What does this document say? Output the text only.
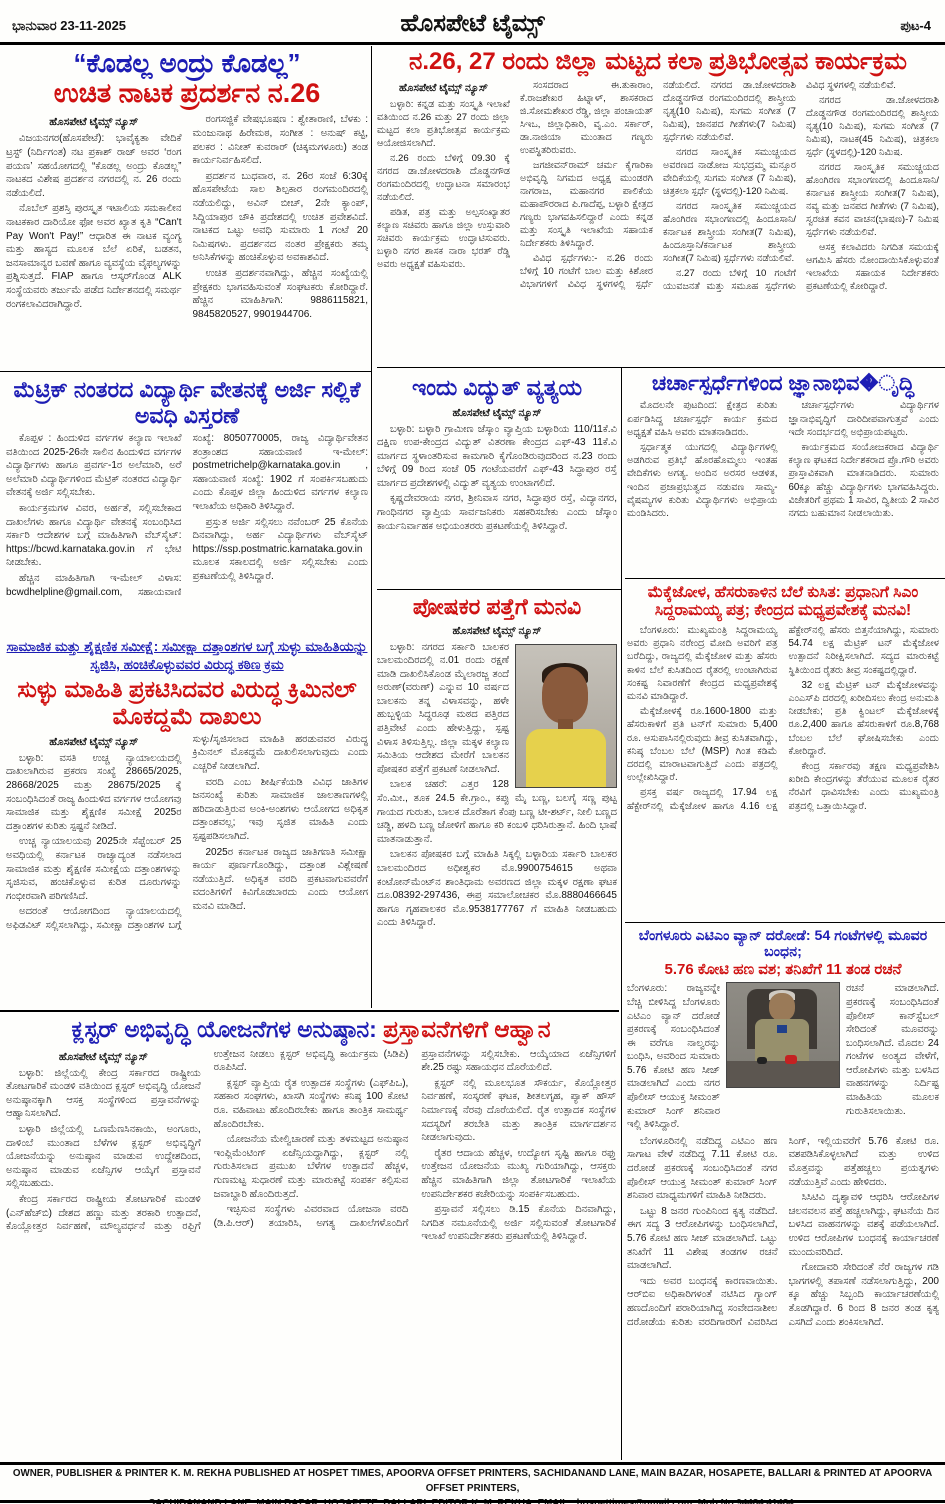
ಭಾನುವಾರ 23-11-2025	ಹೊಸಪೇಟೆ ಟೈಮ್ಸ್	ಪುಟ-4
“ಕೊಡಲ್ಲ ಅಂದ್ರು ಕೊಡಲ್ಲ”
ಉಚಿತ ನಾಟಕ ಪ್ರದರ್ಶನ ನ.26
ಹೊಸಪೇಟೆ ಟೈಮ್ಸ್ ನ್ಯೂಸ್

ವಿಜಯನಗರ(ಹೊಸಪೇಟೆ): ಭಾವೈಕ್ಯತಾ ವೇದಿಕೆ ಟ್ರಸ್ಟ್ (ನಿರ್ದಿಗಂತ) ನಟ ಪ್ರಕಾಶ್ ರಾಜ್ ಅವರ ‘ರಂಗ ಪಯಣ’ ಸಹಯೋಗದಲ್ಲಿ “ಕೊಡಲ್ಲ ಅಂದ್ರು ಕೊಡಲ್ಲ” ನಾಟಕದ ವಿಶೇಷ ಪ್ರದರ್ಶನ ನಗರದಲ್ಲಿ ನ. 26 ರಂದು ನಡೆಯಲಿದೆ.

ನೊಬೆಲ್ ಪ್ರಶಸ್ತಿ ಪುರಸ್ಕೃತ ಇಟಾಲಿಯ ಸಮಕಾಲೀನ ನಾಟಕಕಾರ ದಾರಿಯೋ ಫೋ ಅವರ ಖ್ಯಾತ ಕೃತಿ “Can't Pay Won't Pay!” ಆಧಾರಿತ ಈ ನಾಟಕ ವ್ಯಂಗ್ಯ ಮತ್ತು ಹಾಸ್ಯದ ಮೂಲಕ ಬೆಲೆ ಏರಿಕೆ, ಬಡತನ, ಜನಸಾಮಾನ್ಯರ ಬವಣೆ ಹಾಗೂ ವ್ಯವಸ್ಥೆಯ ವೈಫಲ್ಯಗಳನ್ನು ಪ್ರಶ್ನಿಸುತ್ತದೆ. FIAP ಹಾಗೂ ಆಸ್ಕರ್‌ಗೊಂಡ ALK ಸಂಸ್ಥೆಯವರು ತರ್ಜುಮೆ ಪಡೆದ ನಿರ್ದೇಶನದಲ್ಲಿ ಸಮರ್ಥ ರಂಗಕಲಾವಿದರಾಗಿದ್ದಾರೆ.

ರಂಗಸಜ್ಜಿಕೆ ವೇಷಭೂಷಣ : ಶ್ವೇತಾರಾಣಿ, ಬೆಳಕು : ಮಂಜುನಾಥ ಹಿರೇಮಠ, ಸಂಗೀತ : ಅನುಷ್ ಕಟ್ಟಿ, ಪಲಕರ : ವಿನೀತ್ ಕುವರಾರ್ (ಚಿಕ್ಕಮಗಳೂರು) ತಂಡ ಕಾರ್ಯನಿರ್ವಹಿಸಲಿದೆ.

ಪ್ರದರ್ಶನ ಬುಧವಾರ, ನ. 26ರ ಸಂಜೆ 6:30ಕ್ಕೆ ಹೊಸಪೇಟೆಯ ಸಾಲ ಶಿಲ್ಪಕಾರ ರಂಗಮಂದಿರದಲ್ಲಿ ನಡೆಯಲಿದ್ದು, ಅವಿನ್ ಬೀಚ್, 2ನೇ ಕ್ಯಾಂಪ್, ಸಿದ್ದಿಯಾಪುರ ಚೌಕಿ ಪ್ರದೇಶದಲ್ಲಿ ಉಚಿತ ಪ್ರವೇಶವಿದೆ. ನಾಟಕದ ಒಟ್ಟು ಅವಧಿ ಸುಮಾರು 1 ಗಂಟೆ 20 ನಿಮಿಷಗಳು. ಪ್ರದರ್ಶನದ ನಂತರ ಪ್ರೇಕ್ಷಕರು ತಮ್ಮ ಅನಿಸಿಕೆಗಳನ್ನು ಹಂಚಿಕೊಳ್ಳುವ ಅವಕಾಶವಿದೆ.

ಉಚಿತ ಪ್ರದರ್ಶನವಾಗಿದ್ದು, ಹೆಚ್ಚಿನ ಸಂಖ್ಯೆಯಲ್ಲಿ ಪ್ರೇಕ್ಷಕರು ಭಾಗವಹಿಸುವಂತೆ ಸಂಘಟಕರು ಕೋರಿದ್ದಾರೆ. ಹೆಚ್ಚಿನ ಮಾಹಿತಿಗಾಗಿ: 9886115821, 9845820527, 9901944706.

ನ.26, 27 ರಂದು ಜಿಲ್ಲಾ ಮಟ್ಟದ ಕಲಾ ಪ್ರತಿಭೋತ್ಸವ ಕಾರ್ಯಕ್ರಮ
ಹೊಸಪೇಟೆ ಟೈಮ್ಸ್ ನ್ಯೂಸ್

ಬಳ್ಳಾರಿ: ಕನ್ನಡ ಮತ್ತು ಸಂಸ್ಕೃತಿ ಇಲಾಖೆ ವತಿಯಿಂದ ನ.26 ಮತ್ತು 27 ರಂದು ಜಿಲ್ಲಾ ಮಟ್ಟದ ಕಲಾ ಪ್ರತಿಭೋತ್ಸವ ಕಾರ್ಯಕ್ರಮ ಆಯೋಜಿಸಲಾಗಿದೆ.

ನ.26 ರಂದು ಬೆಳಿಗ್ಗೆ 09.30 ಕ್ಕೆ ನಗರದ ಡಾ.ಜೋಳದರಾಶಿ ದೊಡ್ಡನಗೌಡ ರಂಗಮಂದಿರದಲ್ಲಿ ಉದ್ಘಾಟನಾ ಸಮಾರಂಭ ನಡೆಯಲಿದೆ.

ಪಡಿತ, ಪತ್ರ ಮತ್ತು ಅಲ್ಪಸಂಖ್ಯಾತರ ಕಲ್ಯಾಣ ಸಚಿವರು ಹಾಗೂ ಜಿಲ್ಲಾ ಉಸ್ತುವಾರಿ ಸಚಿವರು ಕಾರ್ಯಕ್ರಮ ಉದ್ಘಾಟಿಸುವರು. ಬಳ್ಳಾರಿ ನಗರ ಶಾಸಕ ನಾರಾ ಭರತ್ ರೆಡ್ಡಿ ಅವರು ಅಧ್ಯಕ್ಷತೆ ವಹಿಸುವರು.

ಸಂಸದರಾದ ಈ.ತುಕಾರಾಂ, ಕೆ.ರಾಜಶೇಖರ ಹಿಟ್ನಾಳ್, ಶಾಸಕರಾದ ಜಿ.ಸೋಮಶೇಖರ ರೆಡ್ಡಿ, ಜಿಲ್ಲಾ ಪಂಚಾಯತ್ ಸಿಇಒ, ಜಿಲ್ಲಾಧಿಕಾರಿ, ವೃ.ಎಂ. ಸರ್ಕಾರ್, ಡಾ.ನಾಜಿಯಾ ಮುಂತಾದ ಗಣ್ಯರು ಉಪಸ್ಥಿತರಿರುವರು.

ಜಗಜೀವನ್‌ರಾಮ್ ಚರ್ಮ ಕೈಗಾರಿಕಾ ಅಭಿವೃದ್ಧಿ ನಿಗಮದ ಅಧ್ಯಕ್ಷ ಮುಂಡರಗಿ ನಾಗರಾಜ, ಮಹಾನಗರ ಪಾಲಿಕೆಯ ಮಹಾಪೌರರಾದ ಪಿ.ಗಾದೆಪ್ಪ, ಬಳ್ಳಾರಿ ಕ್ಷೇತ್ರದ ಗಣ್ಯರು ಭಾಗವಹಿಸಲಿದ್ದಾರೆ ಎಂದು ಕನ್ನಡ ಮತ್ತು ಸಂಸ್ಕೃತಿ ಇಲಾಖೆಯ ಸಹಾಯಕ ನಿರ್ದೇಶಕರು ತಿಳಿಸಿದ್ದಾರೆ.

ವಿವಿಧ ಸ್ಪರ್ಧೆಗಳು:- ನ.26 ರಂದು ಬೆಳಿಗ್ಗೆ 10 ಗಂಟೆಗೆ ಬಾಲ ಮತ್ತು ಕಿಶೋರ ವಿಭಾಗಗಳಿಗೆ ವಿವಿಧ ಸ್ಥಳಗಳಲ್ಲಿ ಸ್ಪರ್ಧೆ ನಡೆಯಲಿದೆ. ನಗರದ ಡಾ.ಜೋಳದರಾಶಿ ದೊಡ್ಡನಗೌಡ ರಂಗಮಂದಿರದಲ್ಲಿ ಶಾಸ್ತ್ರೀಯ ನೃತ್ಯ(10 ನಿಮಿಷ), ಸುಗಮ ಸಂಗೀತ (7 ನಿಮಿಷ), ಜಾನಪದ ಗೀತೆಗಳು(7 ನಿಮಿಷ) ಸ್ಪರ್ಧೆಗಳು ನಡೆಯಲಿವೆ.

ನಗರದ ಸಾಂಸ್ಕೃತಿಕ ಸಮುಚ್ಚಯದ ಅವರಣದ ನಾಡೋಜ ಸುಭದ್ರಮ್ಮ ಮನ್ಸೂರ ವೇದಿಕೆಯಲ್ಲಿ ಸುಗಮ ಸಂಗೀತ (7 ನಿಮಿಷ), ಚಿತ್ರಕಲಾ ಸ್ಪರ್ಧೆ (ಸ್ಥಳದಲ್ಲಿ)-120 ನಿಮಿಷ.

ನಗರದ ಸಾಂಸ್ಕೃತಿಕ ಸಮುಚ್ಚಯದ ಹೊಂಗಿರಣ ಸಭಾಂಗಣದಲ್ಲಿ ಹಿಂದೂಸಾನಿ/ಕರ್ನಾಟಕ ಶಾಸ್ತ್ರೀಯ ಸಂಗೀತ(7 ನಿಮಿಷ), ಹಿಂದೂಸ್ತಾನಿ/ಕರ್ನಾಟಕ ಶಾಸ್ತ್ರೀಯ ಸಂಗೀತ(7 ನಿಮಿಷ) ಸ್ಪರ್ಧೆಗಳು ನಡೆಯಲಿವೆ.

ನ.27 ರಂದು ಬೆಳಿಗ್ಗೆ 10 ಗಂಟೆಗೆ ಯುವಜನತೆ ಮತ್ತು ಸಮೂಹ ಸ್ಪರ್ಧೆಗಳು ವಿವಿಧ ಸ್ಥಳಗಳಲ್ಲಿ ನಡೆಯಲಿವೆ.

ನಗರದ ಡಾ.ಜೋಳದರಾಶಿ ದೊಡ್ಡನಗೌಡ ರಂಗಮಂದಿರದಲ್ಲಿ ಶಾಸ್ತ್ರೀಯ ನೃತ್ಯ(10 ನಿಮಿಷ), ಸುಗಮ ಸಂಗೀತ (7 ನಿಮಿಷ), ನಾಟಕ(45 ನಿಮಿಷ), ಚಿತ್ರಕಲಾ ಸ್ಪರ್ಧೆ (ಸ್ಥಳದಲ್ಲಿ)-120 ನಿಮಿಷ.

ನಗರದ ಸಾಂಸ್ಕೃತಿಕ ಸಮುಚ್ಚಯದ ಹೊಂಗಿರಣ ಸಭಾಂಗಣದಲ್ಲಿ ಹಿಂದೂಸಾನಿ/ಕರ್ನಾಟಕ ಶಾಸ್ತ್ರೀಯ ಸಂಗೀತ(7 ನಿಮಿಷ), ನವ್ಯ ಮತ್ತು ಜನಪದ ಗೀತೆಗಳು (7 ನಿಮಿಷ), ಸ್ವರಚಿತ ಕವನ ವಾಚನ(ಭಾಷಣ)-7 ನಿಮಿಷ ಸ್ಪರ್ಧೆಗಳು ನಡೆಯಲಿವೆ.

ಆಸಕ್ತ ಕಲಾವಿದರು ನಿಗದಿತ ಸಮಯಕ್ಕೆ ಆಗಮಿಸಿ ಹೆಸರು ನೋಂದಾಯಿಸಿಕೊಳ್ಳುವಂತೆ ಇಲಾಖೆಯ ಸಹಾಯಕ ನಿರ್ದೇಶಕರು ಪ್ರಕಟಣೆಯಲ್ಲಿ ಕೋರಿದ್ದಾರೆ.

ಮೆಟ್ರಿಕ್ ನಂತರದ ವಿದ್ಯಾರ್ಥಿ ವೇತನಕ್ಕೆ ಅರ್ಜಿ ಸಲ್ಲಿಕೆ ಅವಧಿ ವಿಸ್ತರಣೆ

ಕೊಪ್ಪಳ : ಹಿಂದುಳಿದ ವರ್ಗಗಳ ಕಲ್ಯಾಣ ಇಲಾಖೆ ವತಿಯಿಂದ 2025-26ನೇ ಸಾಲಿನ ಹಿಂದುಳಿದ ವರ್ಗಗಳ ವಿದ್ಯಾರ್ಥಿಗಳು ಹಾಗೂ ಪ್ರವರ್ಗ-1ರ ಅಲೆಮಾರಿ, ಅರೆ ಅಲೆಮಾರಿ ವಿದ್ಯಾರ್ಥಿಗಳಿಂದ ಮೆಟ್ರಿಕ್ ನಂತರದ ವಿದ್ಯಾರ್ಥಿ ವೇತನಕ್ಕೆ ಅರ್ಜಿ ಸಲ್ಲಿಸಬೇಕು.

ಕಾರ್ಯಕ್ರಮಗಳ ವಿವರ, ಅರ್ಹತೆ, ಸಲ್ಲಿಸಬೇಕಾದ ದಾಖಲೆಗಳು ಹಾಗೂ ವಿದ್ಯಾರ್ಥಿ ವೇತನಕ್ಕೆ ಸಂಬಂಧಿಸಿದ ಸರ್ಕಾರಿ ಆದೇಶಗಳ ಬಗ್ಗೆ ಮಾಹಿತಿಗಾಗಿ ವೆಬ್‌ಸೈಟ್: https://bcwd.karnataka.gov.in ಗೆ ಭೇಟಿ ನೀಡಬೇಕು.

ಹೆಚ್ಚಿನ ಮಾಹಿತಿಗಾಗಿ ಇ-ಮೇಲ್ ವಿಳಾಸ: bcwdhelpline@gmail.com, ಸಹಾಯವಾಣಿ ಸಂಖ್ಯೆ: 8050770005, ರಾಜ್ಯ ವಿದ್ಯಾರ್ಥಿವೇತನ ತಂತ್ರಾಂಶದ ಸಹಾಯವಾಣಿ ಇ-ಮೇಲ್: postmetrichelp@karnataka.gov.in , ಸಹಾಯವಾಣಿ ಸಂಖ್ಯೆ: 1902 ಗೆ ಸಂಪರ್ಕಿಸಬಹುದು ಎಂದು ಕೊಪ್ಪಳ ಜಿಲ್ಲಾ ಹಿಂದುಳಿದ ವರ್ಗಗಳ ಕಲ್ಯಾಣ ಇಲಾಖೆಯ ಅಧಿಕಾರಿ ತಿಳಿಸಿದ್ದಾರೆ.

ಪ್ರಸ್ತುತ ಅರ್ಜಿ ಸಲ್ಲಿಸಲು ನವೆಂಬರ್ 25 ಕೊನೆಯ ದಿನವಾಗಿದ್ದು, ಅರ್ಹ ವಿದ್ಯಾರ್ಥಿಗಳು ವೆಬ್‌ಸೈಟ್ https://ssp.postmatric.karnataka.gov.in ಮೂಲಕ ಸಕಾಲದಲ್ಲಿ ಅರ್ಜಿ ಸಲ್ಲಿಸಬೇಕು ಎಂದು ಪ್ರಕಟಣೆಯಲ್ಲಿ ತಿಳಿಸಿದ್ದಾರೆ.

ಸಾಮಾಜಿಕ ಮತ್ತು ಶೈಕ್ಷಣಿಕ ಸಮೀಕ್ಷೆ: ಸಮೀಕ್ಷಾ ದತ್ತಾಂಶಗಳ ಬಗ್ಗೆ ಸುಳ್ಳು ಮಾಹಿತಿಯನ್ನು ಸೃಜಿಸಿ, ಹಂಚಿಕೊಳ್ಳುವವರ ವಿರುದ್ಧ ಕಠಿಣ ಕ್ರಮ

ಸುಳ್ಳು ಮಾಹಿತಿ ಪ್ರಕಟಿಸಿದವರ ವಿರುದ್ಧ ಕ್ರಿಮಿನಲ್ ಮೊಕದ್ದಮೆ ದಾಖಲು
ಹೊಸಪೇಟೆ ಟೈಮ್ಸ್ ನ್ಯೂಸ್

ಬಳ್ಳಾರಿ: ವಸತಿ ಉಚ್ಚ ನ್ಯಾಯಾಲಯದಲ್ಲಿ ದಾಖಲಾಗಿರುವ ಪ್ರಕರಣ ಸಂಖ್ಯೆ 28665/2025, 28668/2025 ಮತ್ತು 28675/2025 ಕ್ಕೆ ಸಂಬಂಧಿಸಿದಂತೆ ರಾಜ್ಯ ಹಿಂದುಳಿದ ವರ್ಗಗಳ ಆಯೋಗವು ಸಾಮಾಜಿಕ ಮತ್ತು ಶೈಕ್ಷಣಿಕ ಸಮೀಕ್ಷೆ 2025ರ ದತ್ತಾಂಶಗಳ ಕುರಿತು ಸ್ಪಷ್ಟನೆ ನೀಡಿದೆ.

ಉಚ್ಚ ನ್ಯಾಯಾಲಯವು 2025ನೇ ಸೆಪ್ಟೆಂಬರ್ 25 ಅವಧಿಯಲ್ಲಿ ಕರ್ನಾಟಕ ರಾಜ್ಯಾದ್ಯಂತ ನಡೆಸಲಾದ ಸಾಮಾಜಿಕ ಮತ್ತು ಶೈಕ್ಷಣಿಕ ಸಮೀಕ್ಷೆಯ ದತ್ತಾಂಶಗಳನ್ನು ಸೃಜಿಸುವ, ಹಂಚಿಕೊಳ್ಳುವ ಕುರಿತ ದೂರುಗಳನ್ನು ಗಂಭೀರವಾಗಿ ಪರಿಗಣಿಸಿದೆ.

ಅದರಂತೆ ಆಯೋಗದಿಂದ ನ್ಯಾಯಾಲಯದಲ್ಲಿ ಅಫಿಡವಿಟ್ ಸಲ್ಲಿಸಲಾಗಿದ್ದು, ಸಮೀಕ್ಷಾ ದತ್ತಾಂಶಗಳ ಬಗ್ಗೆ ಸುಳ್ಳು/ಸೃಜಿಸಲಾದ ಮಾಹಿತಿ ಹರಡುವವರ ವಿರುದ್ಧ ಕ್ರಿಮಿನಲ್ ಮೊಕದ್ದಮೆ ದಾಖಲಿಸಲಾಗುವುದು ಎಂದು ಎಚ್ಚರಿಕೆ ನೀಡಲಾಗಿದೆ.

ವರದಿ ಎಂಬ ಶೀರ್ಷಿಕೆಯಡಿ ವಿವಿಧ ಜಾತಿಗಳ ಜನಸಂಖ್ಯೆ ಕುರಿತು ಸಾಮಾಜಿಕ ಜಾಲತಾಣಗಳಲ್ಲಿ ಹರಿದಾಡುತ್ತಿರುವ ಅಂಕಿ-ಅಂಶಗಳು ಆಯೋಗದ ಅಧಿಕೃತ ದತ್ತಾಂಶವಲ್ಲ; ಇವು ಸೃಜಿತ ಮಾಹಿತಿ ಎಂದು ಸ್ಪಷ್ಟಪಡಿಸಲಾಗಿದೆ.

2025ರ ಕರ್ನಾಟಕ ರಾಜ್ಯದ ಜಾತಿಗಣತಿ ಸಮೀಕ್ಷಾ ಕಾರ್ಯ ಪೂರ್ಣಗೊಂಡಿದ್ದು, ದತ್ತಾಂಶ ವಿಶ್ಲೇಷಣೆ ನಡೆಯುತ್ತಿದೆ. ಅಧಿಕೃತ ವರದಿ ಪ್ರಕಟವಾಗುವವರೆಗೆ ವದಂತಿಗಳಿಗೆ ಕಿವಿಗೊಡಬಾರದು ಎಂದು ಆಯೋಗ ಮನವಿ ಮಾಡಿದೆ.

ಇಂದು ವಿದ್ಯುತ್ ವ್ಯತ್ಯಯ
ಹೊಸಪೇಟೆ ಟೈಮ್ಸ್ ನ್ಯೂಸ್

ಬಳ್ಳಾರಿ: ಬಳ್ಳಾರಿ ಗ್ರಾಮೀಣ ಜೆಸ್ಕಾಂ ವ್ಯಾಪ್ತಿಯ ಬಳ್ಳಾರಿಯ 110/11ಕೆ.ವಿ ದಕ್ಷಿಣ ಉಪ-ಕೇಂದ್ರದ ವಿದ್ಯುತ್ ವಿತರಣಾ ಕೇಂದ್ರದ ಎಫ್-43 11ಕೆ.ವಿ ಮಾರ್ಗದ ಸ್ಥಳಾಂತರಿಸುವ ಕಾಮಗಾರಿ ಕೈಗೊಂಡಿರುವುದರಿಂದ ನ.23 ರಂದು ಬೆಳಿಗ್ಗೆ 09 ರಿಂದ ಸಂಜೆ 05 ಗಂಟೆಯವರೆಗೆ ಎಫ್-43 ಸಿದ್ಧಾಪುರ ರಸ್ತೆ ಮಾರ್ಗದ ಪ್ರದೇಶಗಳಲ್ಲಿ ವಿದ್ಯುತ್ ವ್ಯತ್ಯಯ ಉಂಟಾಗಲಿದೆ.

ಕೃಷ್ಣದೇವರಾಯ ನಗರ, ಶ್ರೀನಿವಾಸ ನಗರ, ಸಿದ್ಧಾಪುರ ರಸ್ತೆ, ವಿದ್ಯಾನಗರ, ಗಾಂಧಿನಗರ ವ್ಯಾಪ್ತಿಯ ಸಾರ್ವಜನಿಕರು ಸಹಕರಿಸಬೇಕು ಎಂದು ಜೆಸ್ಕಾಂ ಕಾರ್ಯನಿರ್ವಾಹಕ ಅಭಿಯಂತರರು ಪ್ರಕಟಣೆಯಲ್ಲಿ ತಿಳಿಸಿದ್ದಾರೆ.

ಪೋಷಕರ ಪತ್ತೆಗೆ ಮನವಿ
ಹೊಸಪೇಟೆ ಟೈಮ್ಸ್ ನ್ಯೂಸ್

ಬಳ್ಳಾರಿ: ನಗರದ ಸರ್ಕಾರಿ ಬಾಲಕರ ಬಾಲಮಂದಿರದಲ್ಲಿ ನ.01 ರಂದು ರಕ್ಷಣೆ ಮಾಡಿ ದಾಖಲಿಸಿಕೊಂಡ ಮೈಲಾರಜ್ಜ ತಂದೆ ಅರುಣ್(ವರುಣ್) ಎನ್ನುವ 10 ವರ್ಷದ ಬಾಲಕನು ತನ್ನ ವಿಳಾಸವನ್ನು, ಹಳೇ ಹುಬ್ಬಳ್ಳಿಯ ಸಿದ್ಧರೂಢ ಮಠದ ಪತ್ತಿರದ ಪತ್ತಿವೇಟೆ ಎಂದು ಹೇಳುತ್ತಿದ್ದು, ಸ್ಪಷ್ಟ ವಿಳಾಸ ತಿಳಿಸುತ್ತಿಲ್ಲ. ಜಿಲ್ಲಾ ಮಕ್ಕಳ ಕಲ್ಯಾಣ ಸಮಿತಿಯ ಆದೇಶದ ಮೇರೆಗೆ ಬಾಲಕನ ಪೋಷಕರ ಪತ್ತೆಗೆ ಪ್ರಕಟಣೆ ನೀಡಲಾಗಿದೆ.

ಬಾಲಕ ಚಹರೆ: ಎತ್ತರ 128 ಸೆಂ.ಮೀ., ತೂಕ 24.5 ಕೇ.ಗ್ರಾಂ., ಕಪ್ಪು ಮೈ ಬಣ್ಣ, ಬಲಗೈ ಸಣ್ಣ ಪುಟ್ಟ ಗಾಯದ ಗುರುತು, ಬಾಲಕ ದೊರೆತಾಗ ಕೆಂಪು ಬಣ್ಣ ಟೀ-ಶರ್ಟ್, ನೀಲಿ ಬಣ್ಣದ ಚಡ್ಡಿ, ಹಳದಿ ಬಣ್ಣ ಜೋಳಿಗೆ ಹಾಗೂ ಕರಿ ಕಂಬಳಿ ಧರಿಸಿರುತ್ತಾನೆ. ಹಿಂದಿ ಭಾಷೆ ಮಾತನಾಡುತ್ತಾನೆ.

ಬಾಲಕನ ಪೋಷಕರ ಬಗ್ಗೆ ಮಾಹಿತಿ ಸಿಕ್ಕಲ್ಲಿ ಬಳ್ಳಾರಿಯ ಸರ್ಕಾರಿ ಬಾಲಕರ ಬಾಲಮಂದಿರದ ಅಧೀಶ್ವಕರ ಮೊ.9900754615 ಅಥವಾ ಕಂಟೋನ್‌ಮೆಂಟ್‌ನ ಶಾಂತಿಧಾಮ ಅವರಣದ ಜಿಲ್ಲಾ ಮಕ್ಕಳ ರಕ್ಷಣಾ ಘಟಕ ದೂ.08392-297436, ಈಪ್ರ ಸಮಾಲೋಚಕರ ಮೊ.8880466645 ಹಾಗೂ ಗೃಹಪಾಲಕರ ಮೊ.9538177767 ಗೆ ಮಾಹಿತಿ ನೀಡಬಹುದು ಎಂದು ತಿಳಿಸಿದ್ದಾರೆ.

ಚರ್ಚಾಸ್ಪರ್ಧೆಗಳಿಂದ ಜ್ಞಾನಾಭಿವ�ೃದ್ಧಿ

ಮೊದಲನೇ ಪುಟದಿಂದ: ಕ್ಷೇತ್ರದ ಕುರಿತು ಏರ್ಪಡಿಸಿದ್ದ ಚರ್ಚಾಸ್ಪರ್ಧೆ ಕಾರ್ಯ ಕ್ರಮದ ಅಧ್ಯಕ್ಷತೆ ವಹಿಸಿ ಅವರು ಮಾತನಾಡಿದರು.

ಸ್ಪರ್ಧಾತ್ಮಕ ಯುಗದಲ್ಲಿ ವಿದ್ಯಾರ್ಥಿಗಳಲ್ಲಿ ಅಡಗಿರುವ ಪ್ರತಿಭೆ ಹೊರಹೊಮ್ಮಲು ಇಂತಹ ವೇದಿಕೆಗಳು ಅಗತ್ಯ. ಅಂದಿನ ಅರಸರ ಆಡಳಿತ, ಇಂದಿನ ಪ್ರಜಾಪ್ರಭುತ್ವದ ನಡುವಣ ಸಾಮ್ಯ-ವೈಷಮ್ಯಗಳ ಕುರಿತು ವಿದ್ಯಾರ್ಥಿಗಳು ಅಭಿಪ್ರಾಯ ಮಂಡಿಸಿದರು.

ಚರ್ಚಾಸ್ಪರ್ಧೆಗಳು ವಿದ್ಯಾರ್ಥಿಗಳ ಜ್ಞಾನಾಭಿವೃದ್ಧಿಗೆ ದಾರಿದೀಪವಾಗುತ್ತವೆ ಎಂದು ಇದೇ ಸಂದರ್ಭದಲ್ಲಿ ಅಭಿಪ್ರಾಯಪಟ್ಟರು.

ಕಾರ್ಯಕ್ರಮದ ಸಂಯೋಜಕರಾದ ವಿದ್ಯಾರ್ಥಿ ಕಲ್ಯಾಣ ಘಟಕದ ನಿರ್ದೇಶಕರಾದ ಪ್ರೊ.ಗೌರಿ ಅವರು ಪ್ರಾಸ್ತಾವಿಕವಾಗಿ ಮಾತನಾಡಿದರು. ಸುಮಾರು 60ಕ್ಕೂ ಹೆಚ್ಚು ವಿದ್ಯಾರ್ಥಿಗಳು ಭಾಗವಹಿಸಿದ್ದರು. ವಿಜೇತರಿಗೆ ಪ್ರಥಮ 1 ಸಾವಿರ, ದ್ವಿತೀಯ 2 ಸಾವಿರ ನಗದು ಬಹುಮಾನ ನೀಡಲಾಯಿತು.

ಮೆಕ್ಕೆಜೋಳ, ಹೆಸರುಕಾಳಿನ ಬೆಲೆ ಕುಸಿತ: ಪ್ರಧಾನಿಗೆ ಸಿಎಂ
ಸಿದ್ದರಾಮಯ್ಯ ಪತ್ರ; ಕೇಂದ್ರದ ಮಧ್ಯಪ್ರವೇಶಕ್ಕೆ ಮನವಿ!

ಬೆಂಗಳೂರು: ಮುಖ್ಯಮಂತ್ರಿ ಸಿದ್ದರಾಮಯ್ಯ ಅವರು ಪ್ರಧಾನಿ ನರೇಂದ್ರ ಮೋದಿ ಅವರಿಗೆ ಪತ್ರ ಬರೆದಿದ್ದು, ರಾಜ್ಯದಲ್ಲಿ ಮೆಕ್ಕೆಜೋಳ ಮತ್ತು ಹೆಸರು ಕಾಳಿನ ಬೆಲೆ ಕುಸಿತದಿಂದ ರೈತರಲ್ಲಿ ಉಂಟಾಗಿರುವ ಸಂಕಷ್ಟ ನಿವಾರಣೆಗೆ ಕೇಂದ್ರದ ಮಧ್ಯಪ್ರವೇಶಕ್ಕೆ ಮನವಿ ಮಾಡಿದ್ದಾರೆ.

ಮೆಕ್ಕೆಜೋಳಕ್ಕೆ ರೂ.1600-1800 ಮತ್ತು ಹೆಸರುಕಾಳಿಗೆ ಪ್ರತಿ ಟನ್‌ಗೆ ಸುಮಾರು 5,400 ರೂ. ಆಸುಪಾಸಿನಲ್ಲಿರುವುದು ತೀವ್ರ ಕುಸಿತವಾಗಿದ್ದು, ಕನಿಷ್ಠ ಬೆಂಬಲ ಬೆಲೆ (MSP) ಗಿಂತ ಕಡಿಮೆ ದರದಲ್ಲಿ ಮಾರಾಟವಾಗುತ್ತಿದೆ ಎಂದು ಪತ್ರದಲ್ಲಿ ಉಲ್ಲೇಖಿಸಿದ್ದಾರೆ.

ಪ್ರಸಕ್ತ ವರ್ಷ ರಾಜ್ಯದಲ್ಲಿ 17.94 ಲಕ್ಷ ಹೆಕ್ಟೇರ್‌ನಲ್ಲಿ ಮೆಕ್ಕೆಜೋಳ ಹಾಗೂ 4.16 ಲಕ್ಷ ಹೆಕ್ಟೇರ್‌ನಲ್ಲಿ ಹೆಸರು ಬಿತ್ತನೆಯಾಗಿದ್ದು, ಸುಮಾರು 54.74 ಲಕ್ಷ ಮೆಟ್ರಿಕ್ ಟನ್ ಮೆಕ್ಕೆಜೋಳ ಉತ್ಪಾದನೆ ನಿರೀಕ್ಷಿಸಲಾಗಿದೆ. ಸದ್ಯದ ಮಾರುಕಟ್ಟೆ ಸ್ಥಿತಿಯಿಂದ ರೈತರು ತೀವ್ರ ಸಂಕಷ್ಟದಲ್ಲಿದ್ದಾರೆ.

32 ಲಕ್ಷ ಮೆಟ್ರಿಕ್ ಟನ್ ಮೆಕ್ಕೆಜೋಳವನ್ನು ಎಂಎಸ್‌ಪಿ ದರದಲ್ಲಿ ಖರೀದಿಸಲು ಕೇಂದ್ರ ಅನುಮತಿ ನೀಡಬೇಕು; ಪ್ರತಿ ಕ್ವಿಂಟಲ್ ಮೆಕ್ಕೆಜೋಳಕ್ಕೆ ರೂ.2,400 ಹಾಗೂ ಹೆಸರುಕಾಳಿಗೆ ರೂ.8,768 ಬೆಂಬಲ ಬೆಲೆ ಘೋಷಿಸಬೇಕು ಎಂದು ಕೋರಿದ್ದಾರೆ.

ಕೇಂದ್ರ ಸರ್ಕಾರವು ತಕ್ಷಣ ಮಧ್ಯಪ್ರವೇಶಿಸಿ ಖರೀದಿ ಕೇಂದ್ರಗಳನ್ನು ತೆರೆಯುವ ಮೂಲಕ ರೈತರ ನೆರವಿಗೆ ಧಾವಿಸಬೇಕು ಎಂದು ಮುಖ್ಯಮಂತ್ರಿ ಪತ್ರದಲ್ಲಿ ಒತ್ತಾಯಿಸಿದ್ದಾರೆ.

ಬೆಂಗಳೂರು ಎಟಿಎಂ ವ್ಯಾನ್ ದರೋಡೆ: 54 ಗಂಟೆಗಳಲ್ಲಿ ಮೂವರ ಬಂಧನ;
5.76 ಕೋಟಿ ಹಣ ವಶ; ತನಿಖೆಗೆ 11 ತಂಡ ರಚನೆ
ಬೆಂಗಳೂರು: ರಾಜ್ಯವನ್ನೇ ಬೆಚ್ಚಿ ಬೀಳಿಸಿದ್ದ ಬೆಂಗಳೂರು ಎಟಿಎಂ ವ್ಯಾನ್ ದರೋಡೆ ಪ್ರಕರಣಕ್ಕೆ ಸಂಬಂಧಿಸಿದಂತೆ ಈ ವರೆಗೂ ನಾಲ್ವರನ್ನು ಬಂಧಿಸಿ, ಅವರಿಂದ ಸುಮಾರು 5.76 ಕೋಟಿ ಹಣ ಸೀಜ್ ಮಾಡಲಾಗಿದೆ ಎಂದು ನಗರ ಪೊಲೀಸ್ ಆಯುಕ್ತ ಸೀಮಂತ್ ಕುಮಾರ್ ಸಿಂಗ್ ಶನಿವಾರ ಇಲ್ಲಿ ತಿಳಿಸಿದ್ದಾರೆ.
ರಚನೆ ಮಾಡಲಾಗಿದೆ. ಪ್ರಕರಣಕ್ಕೆ ಸಂಬಂಧಿಸಿದಂತೆ ಪೊಲೀಸ್ ಕಾನ್‌ಸ್ಟೆಬಲ್ ಸೇರಿದಂತೆ ಮೂವರನ್ನು ಬಂಧಿಸಲಾಗಿದೆ. ಮೊದಲ 24 ಗಂಟೆಗಳ ಅಂತ್ಯದ ವೇಳೆಗೆ, ಆರೋಪಿಗಳು ಮತ್ತು ಬಳಸಿದ ವಾಹನಗಳನ್ನು ನಿರ್ದಿಷ್ಟ ಮಾಹಿತಿಯ ಮೂಲಕ ಗುರುತಿಸಲಾಯಿತು.

ಬೆಂಗಳೂರಿನಲ್ಲಿ ನಡೆದಿದ್ದ ಎಟಿಎಂ ಹಣ ಸಾಗಾಟ ವೇಳೆ ನಡೆದಿದ್ದ 7.11 ಕೋಟಿ ರೂ. ದರೋಡೆ ಪ್ರಕರಣಕ್ಕೆ ಸಂಬಂಧಿಸಿದಂತೆ ನಗರ ಪೊಲೀಸ್ ಆಯುಕ್ತ ಸೀಮಂತ್ ಕುಮಾರ್ ಸಿಂಗ್ ಶನಿವಾರ ಮಾಧ್ಯಮಗಳಿಗೆ ಮಾಹಿತಿ ನೀಡಿದರು.

ಒಟ್ಟು 8 ಜನರ ಗುಂಪಿನಿಂದ ಕೃತ್ಯ ನಡೆದಿದೆ. ಈಗ ಸದ್ಯ 3 ಆರೋಪಿಗಳನ್ನು ಬಂಧಿಸಲಾಗಿದೆ, 5.76 ಕೋಟಿ ಹಣ ಸೀಜ್ ಮಾಡಲಾಗಿದೆ. ಒಟ್ಟು ತನಿಖೆಗೆ 11 ವಿಶೇಷ ತಂಡಗಳ ರಚನೆ ಮಾಡಲಾಗಿದೆ.

ಇದು ಅವರ ಬಂಧನಕ್ಕೆ ಕಾರಣವಾಯಿತು. ಆರ್‌ಬಿಐ ಅಧಿಕಾರಿಗಳಂತೆ ನಟಿಸಿದ ಗ್ಯಾಂಗ್ ಹಣದೊಂದಿಗೆ ಪರಾರಿಯಾಗಿದ್ದ ಸಂವೇದನಾಶೀಲ ದರೋಡೆಯ ಕುರಿತು ವರದಿಗಾರರಿಗೆ ವಿವರಿಸಿದ ಸಿಂಗ್, ಇಲ್ಲಿಯವರೆಗೆ 5.76 ಕೋಟಿ ರೂ. ವಶಪಡಿಸಿಕೊಳ್ಳಲಾಗಿದೆ ಮತ್ತು ಉಳಿದ ಮೊತ್ತವನ್ನು ಪತ್ತೆಹಚ್ಚಲು ಪ್ರಯತ್ನಗಳು ನಡೆಯುತ್ತಿವೆ ಎಂದು ಹೇಳಿದರು.

ಸಿಸಿಟಿವಿ ದೃಶ್ಯಾವಳಿ ಆಧರಿಸಿ ಆರೋಪಿಗಳ ಚಲನವಲನ ಪತ್ತೆ ಹಚ್ಚಲಾಗಿದ್ದು, ಘಟನೆಯ ದಿನ ಬಳಸಿದ ವಾಹನಗಳನ್ನು ವಶಕ್ಕೆ ಪಡೆಯಲಾಗಿದೆ. ಉಳಿದ ಆರೋಪಿಗಳ ಬಂಧನಕ್ಕೆ ಕಾರ್ಯಾಚರಣೆ ಮುಂದುವರಿದಿದೆ.

ಗೋದಾವರಿ ಸೇರಿದಂತೆ ನೆರೆ ರಾಜ್ಯಗಳ ಗಡಿ ಭಾಗಗಳಲ್ಲಿ ತಪಾಸಣೆ ನಡೆಸಲಾಗುತ್ತಿದ್ದು, 200 ಕ್ಕೂ ಹೆಚ್ಚು ಸಿಬ್ಬಂದಿ ಕಾರ್ಯಾಚರಣೆಯಲ್ಲಿ ತೊಡಗಿದ್ದಾರೆ. 6 ರಿಂದ 8 ಜನರ ತಂಡ ಕೃತ್ಯ ಎಸಗಿದೆ ಎಂದು ಶಂಕಿಸಲಾಗಿದೆ.

ಕ್ಲಸ್ಟರ್ ಅಭಿವೃದ್ಧಿ ಯೋಜನೆಗಳ ಅನುಷ್ಠಾನ: ಪ್ರಸ್ತಾವನೆಗಳಿಗೆ ಆಹ್ವಾನ
ಹೊಸಪೇಟೆ ಟೈಮ್ಸ್ ನ್ಯೂಸ್

ಬಳ್ಳಾರಿ: ಜಿಲ್ಲೆಯಲ್ಲಿ ಕೇಂದ್ರ ಸರ್ಕಾರದ ರಾಷ್ಟ್ರೀಯ ತೋಟಗಾರಿಕೆ ಮಂಡಳಿ ವತಿಯಿಂದ ಕ್ಲಸ್ಟರ್ ಅಭಿವೃದ್ಧಿ ಯೋಜನೆ ಅನುಷ್ಠಾನಕ್ಕಾಗಿ ಆಸಕ್ತ ಸಂಸ್ಥೆಗಳಿಂದ ಪ್ರಸ್ತಾವನೆಗಳನ್ನು ಆಹ್ವಾನಿಸಲಾಗಿದೆ.

ಬಳ್ಳಾರಿ ಜಿಲ್ಲೆಯಲ್ಲಿ ಒಣಮೆಣಸಿನಕಾಯಿ, ಅಂಗೂರು, ದಾಳಿಂಬೆ ಮುಂತಾದ ಬೆಳೆಗಳ ಕ್ಲಸ್ಟರ್ ಅಭಿವೃದ್ಧಿಗೆ ಯೋಜನೆಯನ್ನು ಅನುಷ್ಠಾನ ಮಾಡುವ ಉದ್ದೇಶದಿಂದ, ಅನುಷ್ಠಾನ ಮಾಡುವ ಏಜೆನ್ಸಿಗಳ ಆಯ್ಕೆಗೆ ಪ್ರಸ್ತಾವನೆ ಸಲ್ಲಿಸಬಹುದು.

ಕೇಂದ್ರ ಸರ್ಕಾರದ ರಾಷ್ಟ್ರೀಯ ತೋಟಗಾರಿಕೆ ಮಂಡಳಿ (ಎನ್‌ಹೆಚ್‌ಬಿ) ದೇಶದ ಹಣ್ಣು ಮತ್ತು ತರಕಾರಿ ಉತ್ಪಾದನೆ, ಕೊಯ್ಲೋತ್ತರ ನಿರ್ವಹಣೆ, ಮೌಲ್ಯವರ್ಧನೆ ಮತ್ತು ರಫ್ತಿಗೆ ಉತ್ತೇಜನ ನೀಡಲು ಕ್ಲಸ್ಟರ್ ಅಭಿವೃದ್ಧಿ ಕಾರ್ಯಕ್ರಮ (ಸಿಡಿಪಿ) ರೂಪಿಸಿದೆ.

ಕ್ಲಸ್ಟರ್ ವ್ಯಾಪ್ತಿಯ ರೈತ ಉತ್ಪಾದಕ ಸಂಸ್ಥೆಗಳು (ಎಫ್‌ಪಿಒ), ಸಹಕಾರ ಸಂಘಗಳು, ಖಾಸಗಿ ಸಂಸ್ಥೆಗಳು ಕನಿಷ್ಠ 100 ಕೋಟಿ ರೂ. ವಹಿವಾಟು ಹೊಂದಿರಬೇಕು ಹಾಗೂ ತಾಂತ್ರಿಕ ಸಾಮರ್ಥ್ಯ ಹೊಂದಿರಬೇಕು.

ಯೋಜನೆಯ ಮೇಲ್ವಿಚಾರಣೆ ಮತ್ತು ತಳಮಟ್ಟದ ಅನುಷ್ಠಾನ ಇಂಪ್ಲಿಮೆಂಟಿಂಗ್ ಏಜೆನ್ಸಿಯದ್ದಾಗಿದ್ದು, ಕ್ಲಸ್ಟರ್ ನಲ್ಲಿ ಗುರುತಿಸಲಾದ ಪ್ರಮುಖ ಬೆಳೆಗಳ ಉತ್ಪಾದನೆ ಹೆಚ್ಚಳ, ಗುಣಮಟ್ಟ ಸುಧಾರಣೆ ಮತ್ತು ಮಾರುಕಟ್ಟೆ ಸಂಪರ್ಕ ಕಲ್ಪಿಸುವ ಜವಾಬ್ದಾರಿ ಹೊಂದಿರುತ್ತದೆ.

ಇಚ್ಛಿಸುವ ಸಂಸ್ಥೆಗಳು ವಿವರವಾದ ಯೋಜನಾ ವರದಿ (ಡಿ.ಪಿ.ಆರ್) ತಯಾರಿಸಿ, ಅಗತ್ಯ ದಾಖಲೆಗಳೊಂದಿಗೆ ಪ್ರಸ್ತಾವನೆಗಳನ್ನು ಸಲ್ಲಿಸಬೇಕು. ಆಯ್ಕೆಯಾದ ಏಜೆನ್ಸಿಗಳಿಗೆ ಶೇ.25 ರಷ್ಟು ಸಹಾಯಧನ ದೊರೆಯಲಿದೆ.

ಕ್ಲಸ್ಟರ್ ನಲ್ಲಿ ಮೂಲಭೂತ ಸೌಕರ್ಯ, ಕೊಯ್ಲೋತ್ತರ ನಿರ್ವಹಣೆ, ಸಂಸ್ಕರಣೆ ಘಟಕ, ಶೀತಲಗೃಹ, ಪ್ಯಾಕ್ ಹೌಸ್ ನಿರ್ಮಾಣಕ್ಕೆ ನೆರವು ದೊರೆಯಲಿದೆ. ರೈತ ಉತ್ಪಾದಕ ಸಂಸ್ಥೆಗಳ ಸದಸ್ಯರಿಗೆ ತರಬೇತಿ ಮತ್ತು ತಾಂತ್ರಿಕ ಮಾರ್ಗದರ್ಶನ ನೀಡಲಾಗುವುದು.

ರೈತರ ಆದಾಯ ಹೆಚ್ಚಳ, ಉದ್ಯೋಗ ಸೃಷ್ಟಿ ಹಾಗೂ ರಫ್ತು ಉತ್ತೇಜನ ಯೋಜನೆಯ ಮುಖ್ಯ ಗುರಿಯಾಗಿದ್ದು, ಆಸಕ್ತರು ಹೆಚ್ಚಿನ ಮಾಹಿತಿಗಾಗಿ ಜಿಲ್ಲಾ ತೋಟಗಾರಿಕೆ ಇಲಾಖೆಯ ಉಪನಿರ್ದೇಶಕರ ಕಚೇರಿಯನ್ನು ಸಂಪರ್ಕಿಸಬಹುದು.

ಪ್ರಸ್ತಾವನೆ ಸಲ್ಲಿಸಲು ಡಿ.15 ಕೊನೆಯ ದಿನವಾಗಿದ್ದು, ನಿಗದಿತ ನಮೂನೆಯಲ್ಲಿ ಅರ್ಜಿ ಸಲ್ಲಿಸುವಂತೆ ತೋಟಗಾರಿಕೆ ಇಲಾಖೆ ಉಪನಿರ್ದೇಶಕರು ಪ್ರಕಟಣೆಯಲ್ಲಿ ತಿಳಿಸಿದ್ದಾರೆ.

OWNER, PUBLISHER & PRINTER K. M. REKHA PUBLISHED AT HOSPET TIMES, APOORVA OFFSET PRINTERS, SACHIDANAND LANE, MAIN BAZAR, HOSAPETE, BALLARI & PRINTED AT APOORVA OFFSET PRINTERS,
